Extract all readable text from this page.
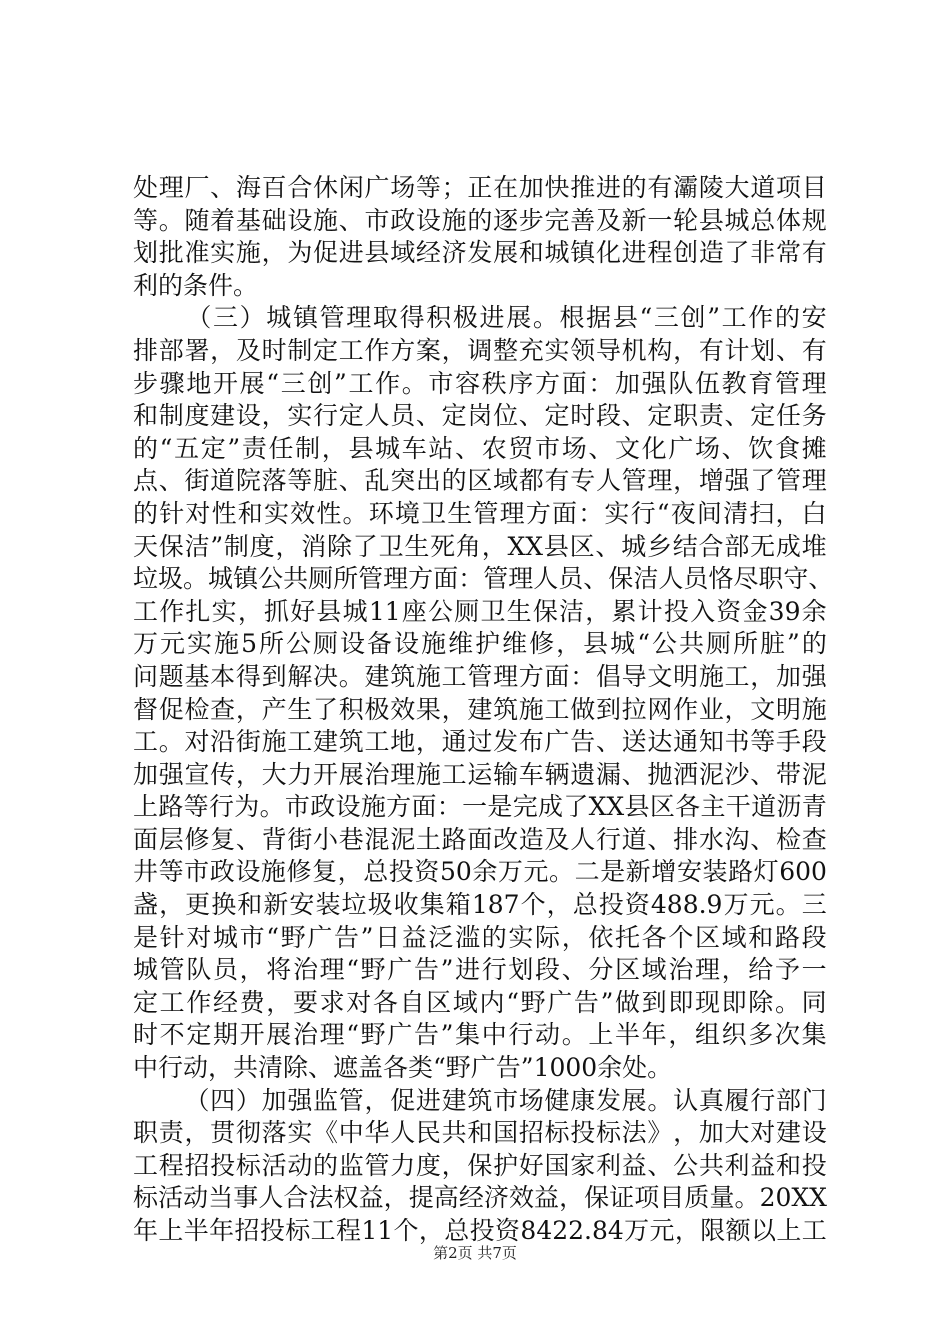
处 理 厂 、 海 百 合 休 闲 广 场 等 ； 正 在 加 快 推 进 的 有 灞 陵 大 道 项 目
等 。 随 着 基 础 设 施 、 市 政 设 施 的 逐 步 完 善 及 新 一 轮 县 城 总 体 规
划 批 准 实 施 ， 为 促 进 县 域 经 济 发 展 和 城 镇 化 进 程 创 造 了 非 常 有
利的条件。

（ 三 ） 城 镇 管 理 取 得 积 极 进 展 。 根 据 县 “ 三 创 ” 工 作 的 安
排 部 署 ， 及 时 制 定 工 作 方 案 ， 调 整 充 实 领 导 机 构 ， 有 计 划 、 有
步 骤 地 开 展 “ 三 创 ” 工 作 。 市 容 秩 序 方 面 ： 加 强 队 伍 教 育 管 理
和 制 度 建 设 ， 实 行 定 人 员 、 定 岗 位 、 定 时 段 、 定 职 责 、 定 任 务
的 “ 五 定 ” 责 任 制 ， 县 城 车 站 、 农 贸 市 场 、 文 化 广 场 、 饮 食 摊
点 、 街 道 院 落 等 脏 、 乱 突 出 的 区 域 都 有 专 人 管 理 ， 增 强 了 管 理
的 针 对 性 和 实 效 性 。 环 境 卫 生 管 理 方 面 ： 实 行 “ 夜 间 清 扫 ， 白
天 保 洁 ” 制 度 ， 消 除 了 卫 生 死 角 ， XX 县 区 、 城 乡 结 合 部 无 成 堆
垃 圾 。 城 镇 公 共 厕 所 管 理 方 面 ： 管 理 人 员 、 保 洁 人 员 恪 尽 职 守 、
工 作 扎 实 ， 抓 好 县 城 11 座 公 厕 卫 生 保 洁 ， 累 计 投 入 资 金 39 余
万 元 实 施 5 所 公 厕 设 备 设 施 维 护 维 修 ， 县 城 “ 公 共 厕 所 脏 ” 的
问 题 基 本 得 到 解 决 。 建 筑 施 工 管 理 方 面 ： 倡 导 文 明 施 工 ， 加 强
督 促 检 查 ， 产 生 了 积 极 效 果 ， 建 筑 施 工 做 到 拉 网 作 业 ， 文 明 施
工 。 对 沿 街 施 工 建 筑 工 地 ， 通 过 发 布 广 告 、 送 达 通 知 书 等 手 段
加 强 宣 传 ， 大 力 开 展 治 理 施 工 运 输 车 辆 遗 漏 、 抛 洒 泥 沙 、 带 泥
上 路 等 行 为 。 市 政 设 施 方 面 ： 一 是 完 成 了 XX 县 区 各 主 干 道 沥 青
面 层 修 复 、 背 街 小 巷 混 泥 土 路 面 改 造 及 人 行 道 、 排 水 沟 、 检 查
井 等 市 政 设 施 修 复 ， 总 投 资 50 余 万 元 。 二 是 新 增 安 装 路 灯 600
盏 ， 更 换 和 新 安 装 垃 圾 收 集 箱 187 个 ， 总 投 资 488.9 万 元 。 三
是 针 对 城 市 “ 野 广 告 ” 日 益 泛 滥 的 实 际 ， 依 托 各 个 区 域 和 路 段
城 管 队 员 ， 将 治 理 “ 野 广 告 ” 进 行 划 段 、 分 区 域 治 理 ， 给 予 一
定 工 作 经 费 ， 要 求 对 各 自 区 域 内 “ 野 广 告 ” 做 到 即 现 即 除 。 同
时 不 定 期 开 展 治 理 “ 野 广 告 ” 集 中 行 动 。 上 半 年 ， 组 织 多 次 集
中行动，共清除、遮盖各类“野广告”1000余处。

（ 四 ） 加 强 监 管 ， 促 进 建 筑 市 场 健 康 发 展 。 认 真 履 行 部 门
职 责 ， 贯 彻 落 实 《 中 华 人 民 共 和 国 招 标 投 标 法 》 ， 加 大 对 建 设
工 程 招 投 标 活 动 的 监 管 力 度 ， 保 护 好 国 家 利 益 、 公 共 利 益 和 投
标 活 动 当 事 人 合 法 权 益 ， 提 高 经 济 效 益 ， 保 证 项 目 质 量 。 20XX
年 上 半 年 招 投 标 工 程 11 个 ， 总 投 资 8422.84 万 元 ， 限 额 以 上 工
第2页 共7页
